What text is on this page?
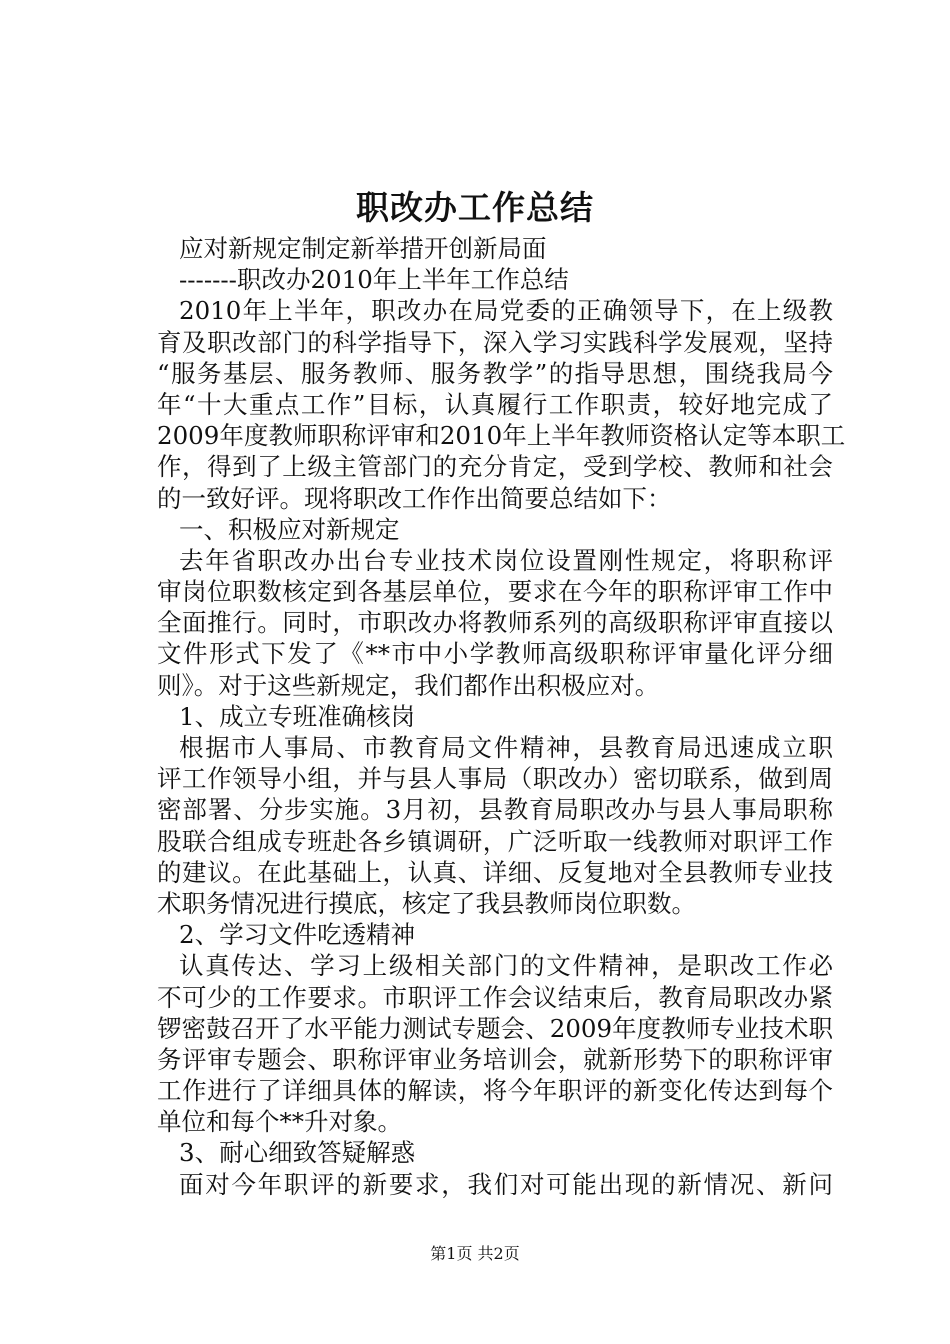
职改办工作总结
应对新规定制定新举措开创新局面
-------职改办2010年上半年工作总结
2010年上半年，职改办在局党委的正确领导下，在上级教
育及职改部门的科学指导下，深入学习实践科学发展观，坚持
“服务基层、服务教师、服务教学”的指导思想，围绕我局今
年“十大重点工作”目标，认真履行工作职责，较好地完成了
2009年度教师职称评审和2010年上半年教师资格认定等本职工
作，得到了上级主管部门的充分肯定，受到学校、教师和社会
的一致好评。现将职改工作作出简要总结如下：
一、积极应对新规定
去年省职改办出台专业技术岗位设置刚性规定，将职称评
审岗位职数核定到各基层单位，要求在今年的职称评审工作中
全面推行。同时，市职改办将教师系列的高级职称评审直接以
文件形式下发了《**市中小学教师高级职称评审量化评分细
则》。对于这些新规定，我们都作出积极应对。
1、成立专班准确核岗
根据市人事局、市教育局文件精神，县教育局迅速成立职
评工作领导小组，并与县人事局（职改办）密切联系，做到周
密部署、分步实施。3月初，县教育局职改办与县人事局职称
股联合组成专班赴各乡镇调研，广泛听取一线教师对职评工作
的建议。在此基础上，认真、详细、反复地对全县教师专业技
术职务情况进行摸底，核定了我县教师岗位职数。
2、学习文件吃透精神
认真传达、学习上级相关部门的文件精神，是职改工作必
不可少的工作要求。市职评工作会议结束后，教育局职改办紧
锣密鼓召开了水平能力测试专题会、2009年度教师专业技术职
务评审专题会、职称评审业务培训会，就新形势下的职称评审
工作进行了详细具体的解读，将今年职评的新变化传达到每个
单位和每个**升对象。
3、耐心细致答疑解惑
面对今年职评的新要求，我们对可能出现的新情况、新问
第1页 共2页
